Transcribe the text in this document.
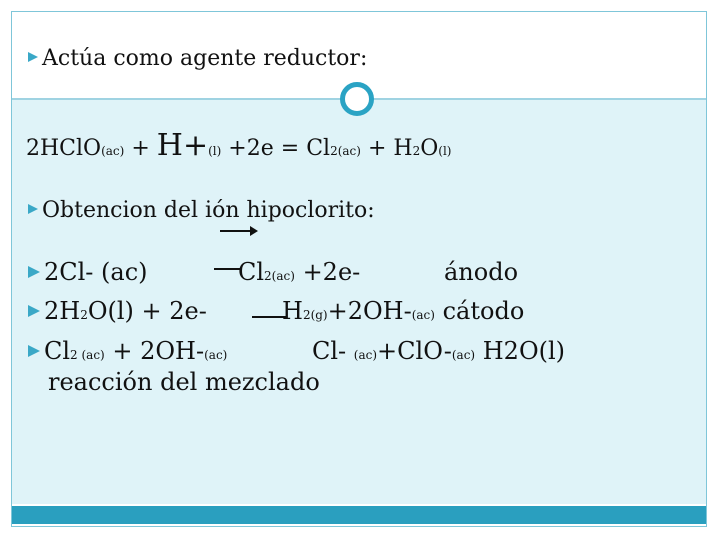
Actúa como agente reductor:
2HClO(ac) + H+(l) +2e = Cl2(ac) + H2O(l)
Obtencion del ión hipoclorito:
2Cl- (ac)	Cl2(ac) +2e-	ánodo
2H2O(l) + 2e-	H2(g)+2OH-(ac) cátodo
Cl2 (ac) + 2OH-(ac)	Cl- (ac)+ClO-(ac) H2O(l)
reacción del mezclado
